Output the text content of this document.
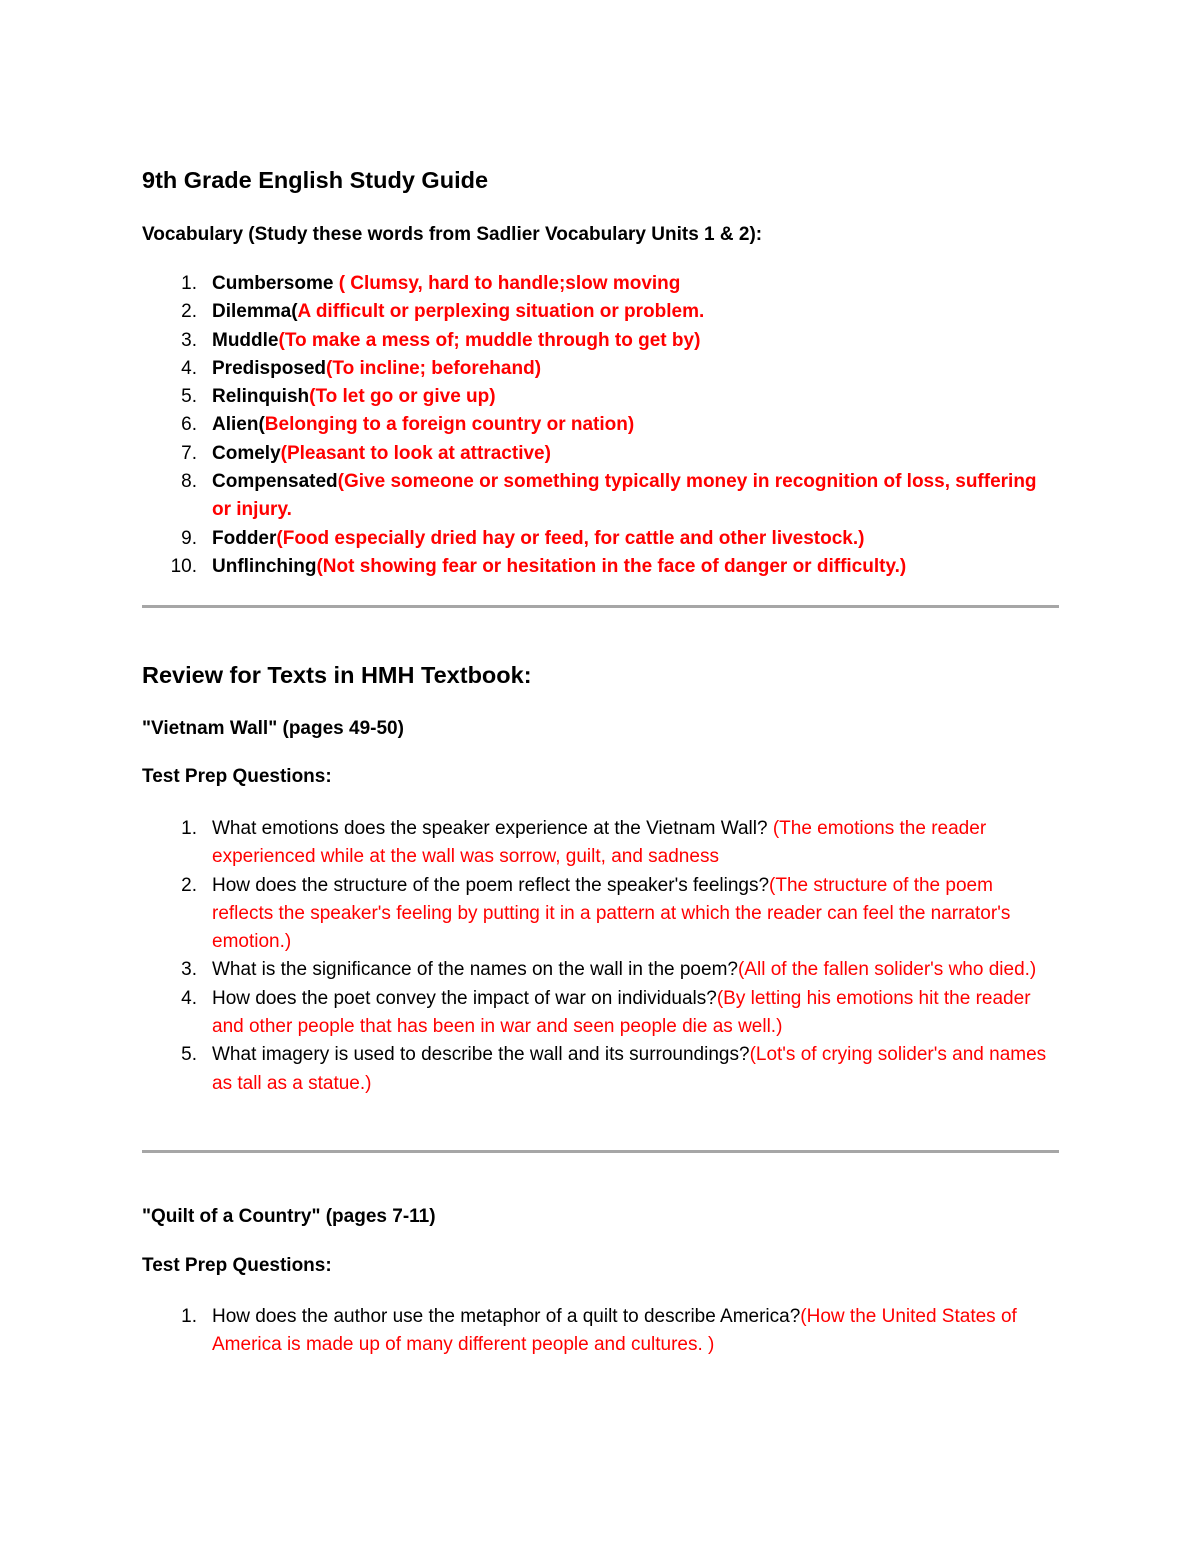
9th Grade English Study Guide

Vocabulary (Study these words from Sadlier Vocabulary Units 1 & 2):

1. Cumbersome ( Clumsy, hard to handle;slow moving
2. Dilemma(A difficult or perplexing situation or problem.
3. Muddle(To make a mess of; muddle through to get by)
4. Predisposed(To incline; beforehand)
5. Relinquish(To let go or give up)
6. Alien(Belonging to a foreign country or nation)
7. Comely(Pleasant to look at attractive)
8. Compensated(Give someone or something typically money in recognition of loss, suffering or injury.
9. Fodder(Food especially dried hay or feed, for cattle and other livestock.)
10. Unflinching(Not showing fear or hesitation in the face of danger or difficulty.)
Review for Texts in HMH Textbook:

"Vietnam Wall" (pages 49-50)

Test Prep Questions:

1. What emotions does the speaker experience at the Vietnam Wall? (The emotions the reader experienced while at the wall was sorrow, guilt, and sadness
2. How does the structure of the poem reflect the speaker's feelings?(The structure of the poem reflects the speaker's feeling by putting it in a pattern at which the reader can feel the narrator's emotion.)
3. What is the significance of the names on the wall in the poem?(All of the fallen solider's who died.)
4. How does the poet convey the impact of war on individuals?(By letting his emotions hit the reader and other people that has been in war and seen people die as well.)
5. What imagery is used to describe the wall and its surroundings?(Lot's of crying solider's and names as tall as a statue.)

"Quilt of a Country" (pages 7-11)

Test Prep Questions:

1. How does the author use the metaphor of a quilt to describe America?(How the United States of America is made up of many different people and cultures. )
